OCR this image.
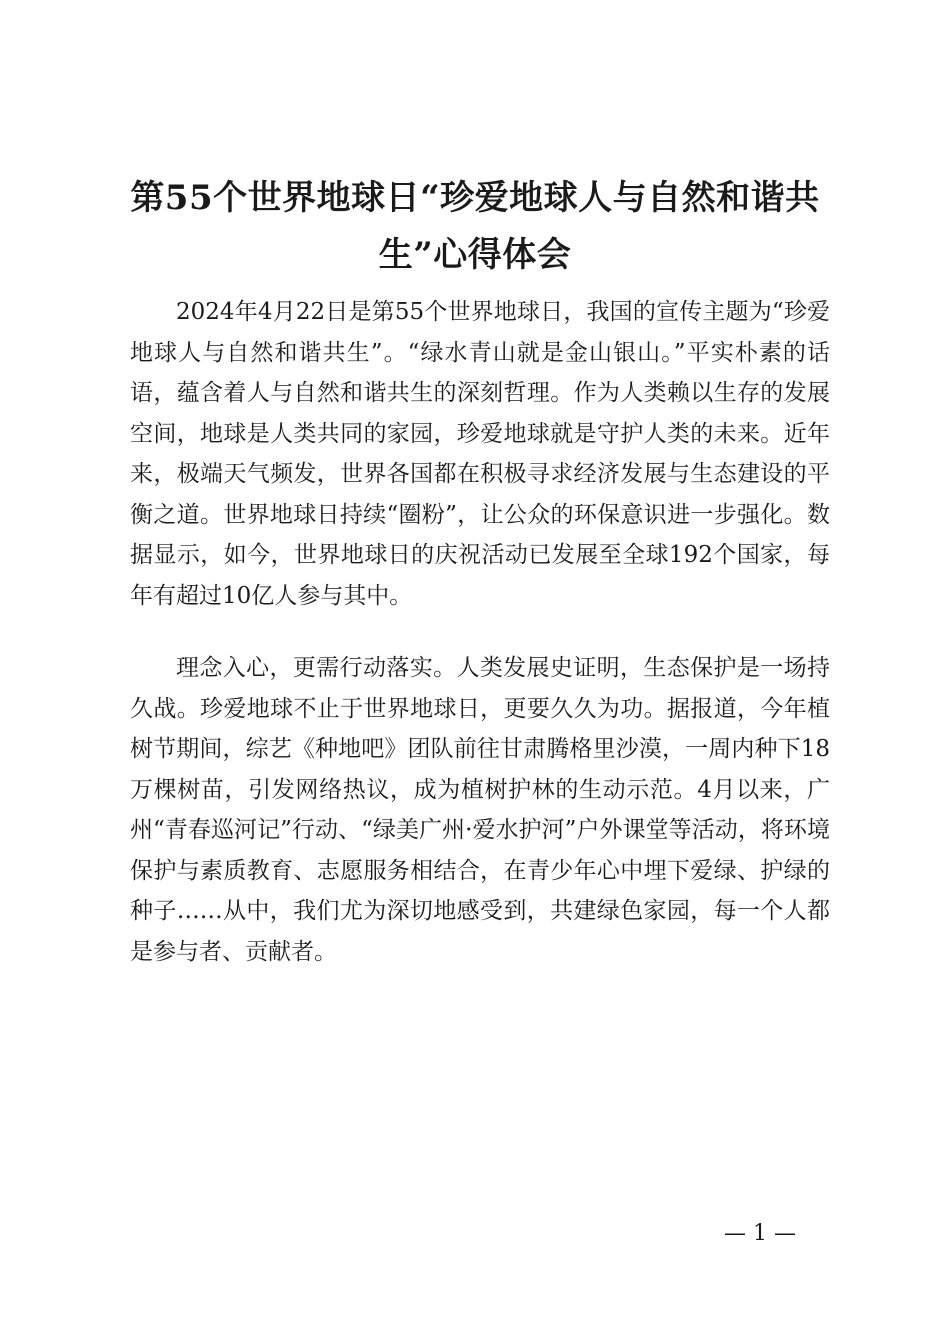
第55个世界地球日“珍爱地球人与自然和谐共生”心得体会

2024年4月22日是第55个世界地球日，我国的宣传主题为“珍爱地球人与自然和谐共生”。“绿水青山就是金山银山。”平实朴素的话语，蕴含着人与自然和谐共生的深刻哲理。作为人类赖以生存的发展空间，地球是人类共同的家园，珍爱地球就是守护人类的未来。近年来，极端天气频发，世界各国都在积极寻求经济发展与生态建设的平衡之道。世界地球日持续“圈粉”，让公众的环保意识进一步强化。数据显示，如今，世界地球日的庆祝活动已发展至全球192个国家，每年有超过10亿人参与其中。

理念入心，更需行动落实。人类发展史证明，生态保护是一场持久战。珍爱地球不止于世界地球日，更要久久为功。据报道，今年植树节期间，综艺《种地吧》团队前往甘肃腾格里沙漠，一周内种下18万棵树苗，引发网络热议，成为植树护林的生动示范。4月以来，广州“青春巡河记”行动、“绿美广州·爱水护河”户外课堂等活动，将环境保护与素质教育、志愿服务相结合，在青少年心中埋下爱绿、护绿的种子……从中，我们尤为深切地感受到，共建绿色家园，每一个人都是参与者、贡献者。

— 1 —
